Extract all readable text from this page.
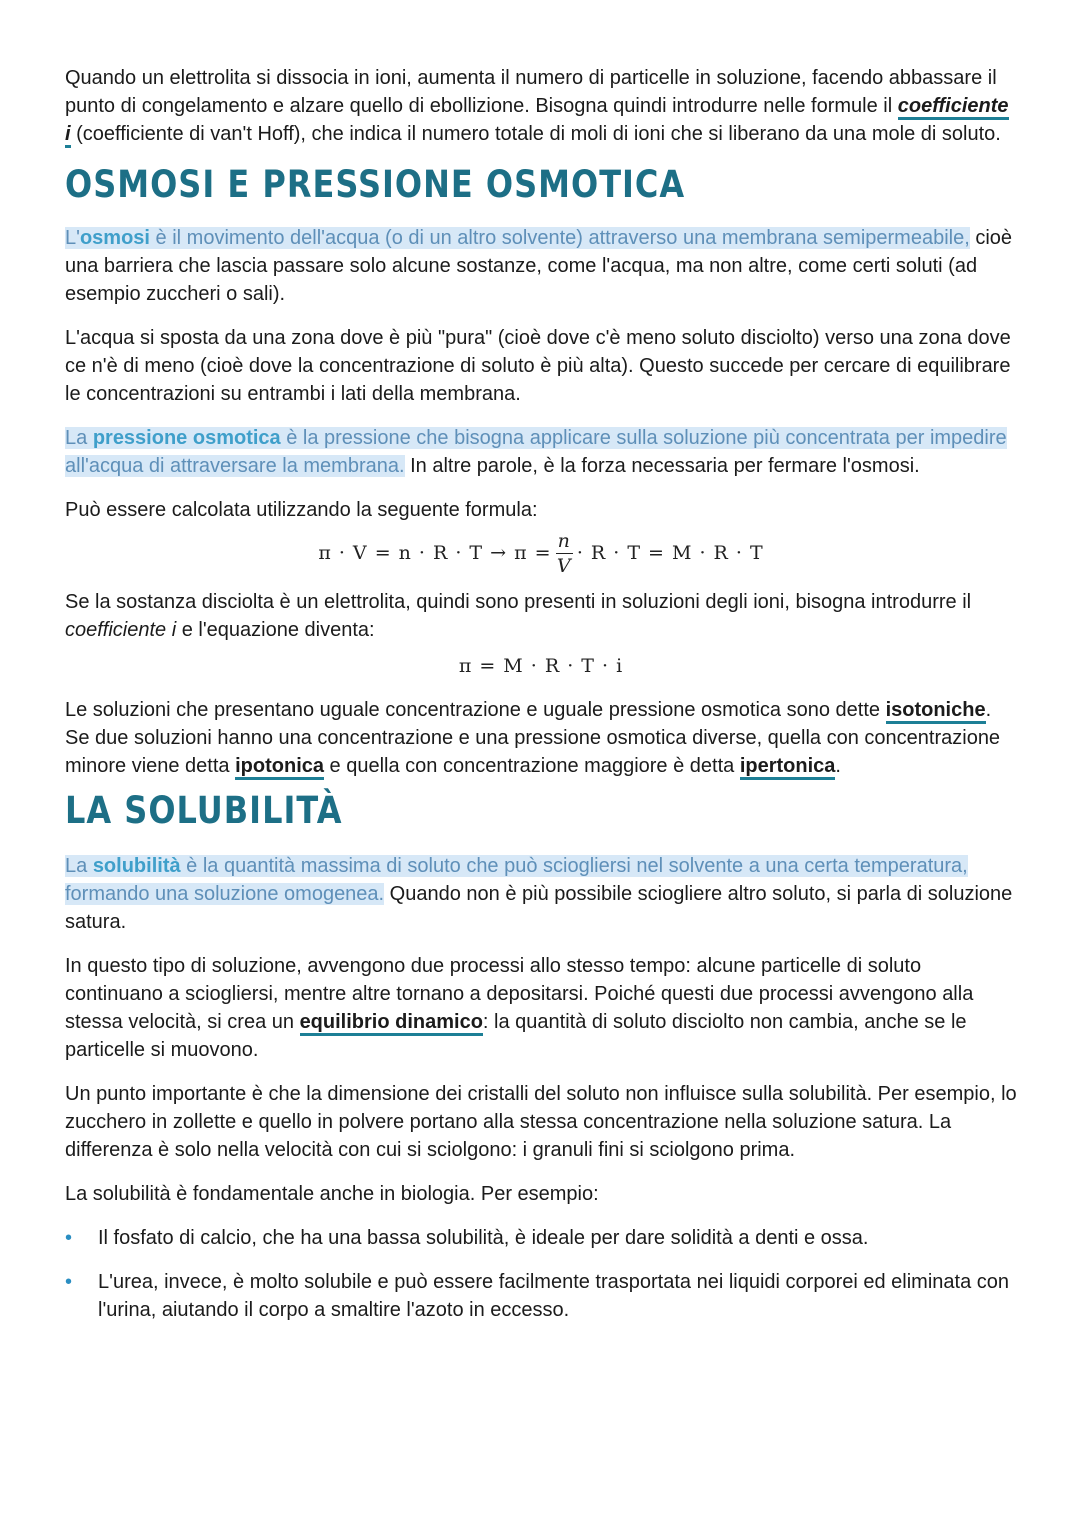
Quando un elettrolita si dissocia in ioni, aumenta il numero di particelle in soluzione, facendo abbassare il punto di congelamento e alzare quello di ebollizione. Bisogna quindi introdurre nelle formule il coefficiente i (coefficiente di van't Hoff), che indica il numero totale di moli di ioni che si liberano da una mole di soluto.

OSMOSI E PRESSIONE OSMOTICA

L'osmosi è il movimento dell'acqua (o di un altro solvente) attraverso una membrana semipermeabile, cioè una barriera che lascia passare solo alcune sostanze, come l'acqua, ma non altre, come certi soluti (ad esempio zuccheri o sali).

L'acqua si sposta da una zona dove è più "pura" (cioè dove c'è meno soluto disciolto) verso una zona dove ce n'è di meno (cioè dove la concentrazione di soluto è più alta). Questo succede per cercare di equilibrare le concentrazioni su entrambi i lati della membrana.

La pressione osmotica è la pressione che bisogna applicare sulla soluzione più concentrata per impedire all'acqua di attraversare la membrana. In altre parole, è la forza necessaria per fermare l'osmosi.

Può essere calcolata utilizzando la seguente formula:

$\pi \cdot V = n \cdot R \cdot T \to \pi = \frac{n}{V} \cdot R \cdot T = M \cdot R \cdot T$

Se la sostanza disciolta è un elettrolita, quindi sono presenti in soluzioni degli ioni, bisogna introdurre il coefficiente i e l'equazione diventa:

π = M · R · T · i

Le soluzioni che presentano uguale concentrazione e uguale pressione osmotica sono dette isotoniche.

Se due soluzioni hanno una concentrazione e una pressione osmotica diverse, quella con concentrazione minore viene detta ipotonica e quella con concentrazione maggiore è detta ipertonica.

LA SOLUBILITÀ

La solubilità è la quantità massima di soluto che può sciogliersi nel solvente a una certa temperatura, formando una soluzione omogenea. Quando non è più possibile sciogliere altro soluto, si parla di soluzione satura.

In questo tipo di soluzione, avvengono due processi allo stesso tempo: alcune particelle di soluto continuano a sciogliersi, mentre altre tornano a depositarsi. Poiché questi due processi avvengono alla stessa velocità, si crea un equilibrio dinamico: la quantità di soluto disciolto non cambia, anche se le particelle si muovono.

Un punto importante è che la dimensione dei cristalli del soluto non influisce sulla solubilità. Per esempio, lo zucchero in zollette e quello in polvere portano alla stessa concentrazione nella soluzione satura. La differenza è solo nella velocità con cui si sciolgono: i granuli fini si sciolgono prima.

La solubilità è fondamentale anche in biologia. Per esempio:

• Il fosfato di calcio, che ha una bassa solubilità, è ideale per dare solidità a denti e ossa.
• L'urea, invece, è molto solubile e può essere facilmente trasportata nei liquidi corporei ed eliminata con l'urina, aiutando il corpo a smaltire l'azoto in eccesso.
